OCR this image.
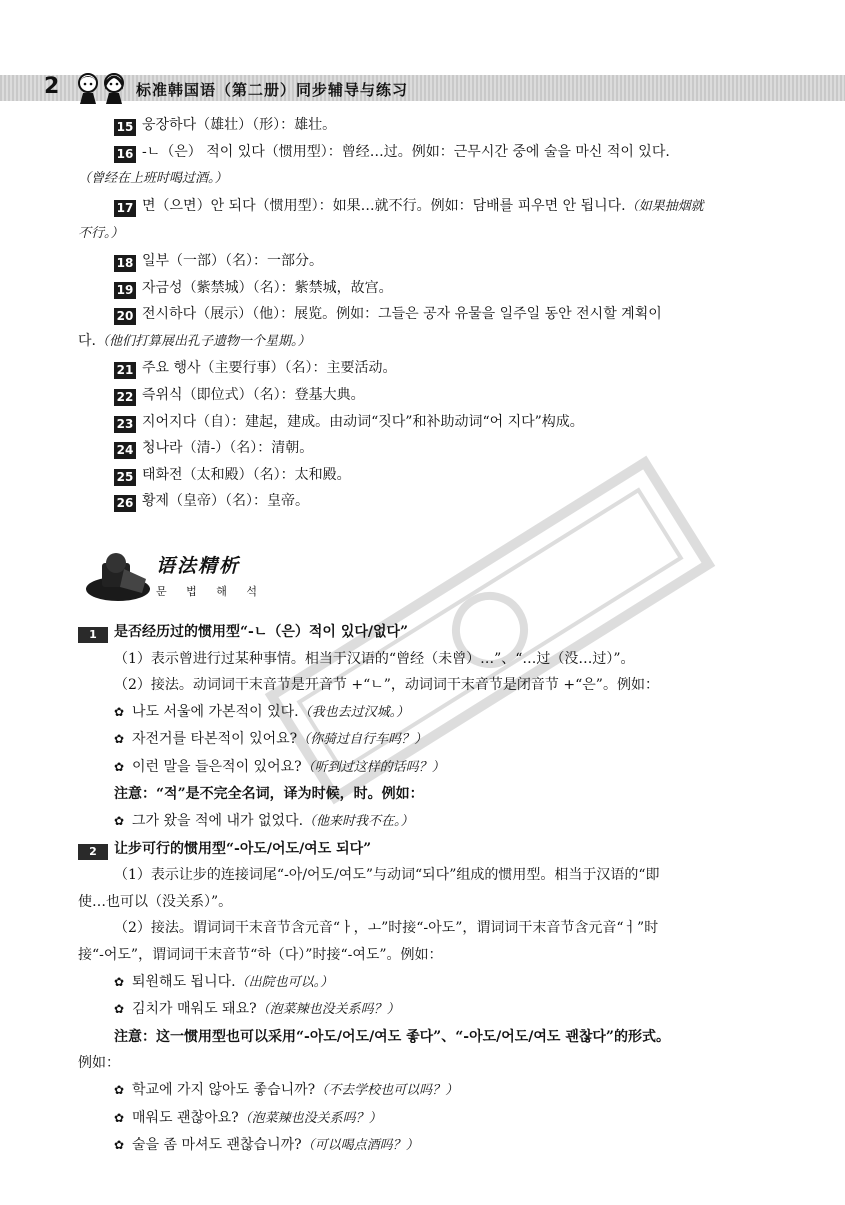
2	标准韩国语（第二册）同步辅导与练习
15 웅장하다（雄壮）（形）：雄壮。
16 -ㄴ（은） 적이 있다（惯用型）：曾经…过。例如：근무시간 중에 술을 마신 적이 있다.
（曾经在上班时喝过酒。）
17 면（으면）안 되다（惯用型）：如果…就不行。例如：담배를 피우면 안 됩니다.（如果抽烟就
不行。）
18 일부（一部）（名）：一部分。
19 자금성（紫禁城）（名）：紫禁城，故宫。
20 전시하다（展示）（他）：展览。例如：그들은 공자 유물을 일주일 동안 전시할 계획이
다.（他们打算展出孔子遗物一个星期。）
21 주요 행사（主要行事）（名）：主要活动。
22 즉위식（即位式）（名）：登基大典。
23 지어지다（自）：建起，建成。由动词“짓다”和补助动词“어 지다”构成。
24 청나라（清-）（名）：清朝。
25 태화전（太和殿）（名）：太和殿。
26 황제（皇帝）（名）：皇帝。
语法精析
문 법 해 석
1 是否经历过的惯用型“-ㄴ（은）적이 있다/없다”
（1）表示曾进行过某种事情。相当于汉语的“曾经（未曾）…”、“…过（没…过）”。
（2）接法。动词词干末音节是开音节 +“ㄴ”，动词词干末音节是闭音节 +“은”。例如：
✿ 나도 서울에 가본적이 있다.（我也去过汉城。）
✿ 자전거를 타본적이 있어요?（你骑过自行车吗？）
✿ 이런 말을 들은적이 있어요?（听到过这样的话吗？）
注意：“적”是不完全名词，译为时候，时。例如：
✿ 그가 왔을 적에 내가 없었다.（他来时我不在。）
2 让步可行的惯用型“-아도/어도/여도 되다”
（1）表示让步的连接词尾“-아/어도/여도”与动词“되다”组成的惯用型。相当于汉语的“即
使…也可以（没关系）”。
（2）接法。谓词词干末音节含元音“ㅏ，ㅗ”时接“-아도”，谓词词干末音节含元音“ㅓ”时
接“-어도”，谓词词干末音节“하（다）”时接“-여도”。例如：
✿ 퇴원해도 됩니다.（出院也可以。）
✿ 김치가 매워도 돼요?（泡菜辣也没关系吗？）
注意：这一惯用型也可以采用“-아도/어도/여도 좋다”、“-아도/어도/여도 괜찮다”的形式。
例如：
✿ 학교에 가지 않아도 좋습니까?（不去学校也可以吗？）
✿ 매워도 괜찮아요?（泡菜辣也没关系吗？）
✿ 술을 좀 마셔도 괜찮습니까?（可以喝点酒吗？）
